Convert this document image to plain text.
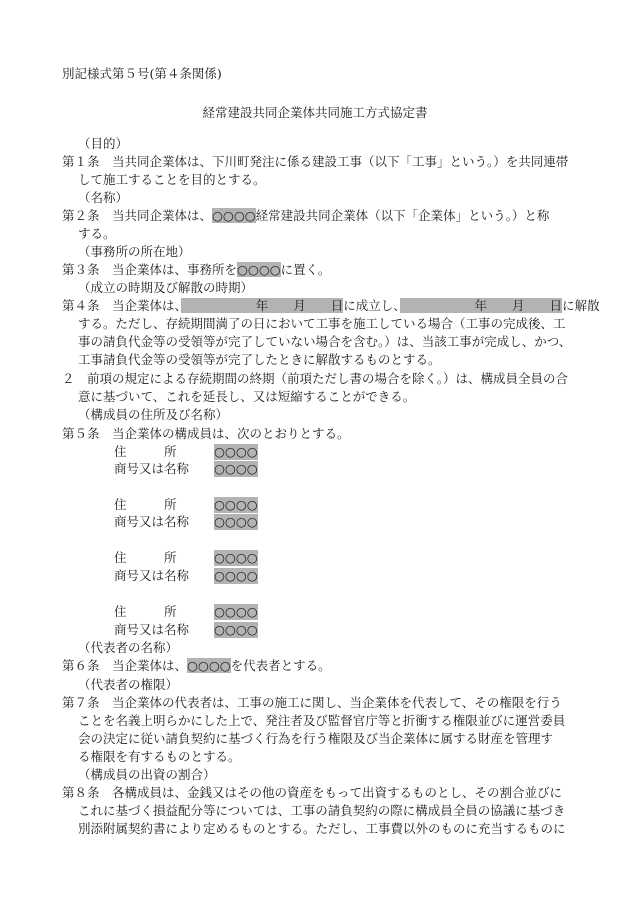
別記様式第５号(第４条関係)
経常建設共同企業体共同施工方式協定書
（目的）
第１条　当共同企業体は、下川町発注に係る建設工事（以下「工事」という。）を共同連帯
して施工することを目的とする。
（名称）
第２条　当共同企業体は、○○○○経常建設共同企業体（以下「企業体」という。）と称
する。
（事務所の所在地）
第３条　当企業体は、事務所を○○○○に置く。
（成立の時期及び解散の時期）
第４条　当企業体は、　　　　　　年　　月　　日に成立し、　　　　　　年　　月　　日に解散
する。ただし、存続期間満了の日において工事を施工している場合（工事の完成後、工
事の請負代金等の受領等が完了していない場合を含む。）は、当該工事が完成し、かつ、
工事請負代金等の受領等が完了したときに解散するものとする。
２　前項の規定による存続期間の終期（前項ただし書の場合を除く。）は、構成員全員の合
意に基づいて、これを延長し、又は短縮することができる。
（構成員の住所及び名称）
第５条　当企業体の構成員は、次のとおりとする。
住　　　所	○○○○
商号又は名称 ○○○○
住　　　所	○○○○
商号又は名称 ○○○○
住　　　所	○○○○
商号又は名称 ○○○○
住　　　所	○○○○
商号又は名称 ○○○○
（代表者の名称）
第６条　当企業体は、○○○○を代表者とする。
（代表者の権限）
第７条　当企業体の代表者は、工事の施工に関し、当企業体を代表して、その権限を行う
ことを名義上明らかにした上で、発注者及び監督官庁等と折衝する権限並びに運営委員
会の決定に従い請負契約に基づく行為を行う権限及び当企業体に属する財産を管理す
る権限を有するものとする。
（構成員の出資の割合）
第８条　各構成員は、金銭又はその他の資産をもって出資するものとし、その割合並びに
これに基づく損益配分等については、工事の請負契約の際に構成員全員の協議に基づき
別添附属契約書により定めるものとする。ただし、工事費以外のものに充当するものに
